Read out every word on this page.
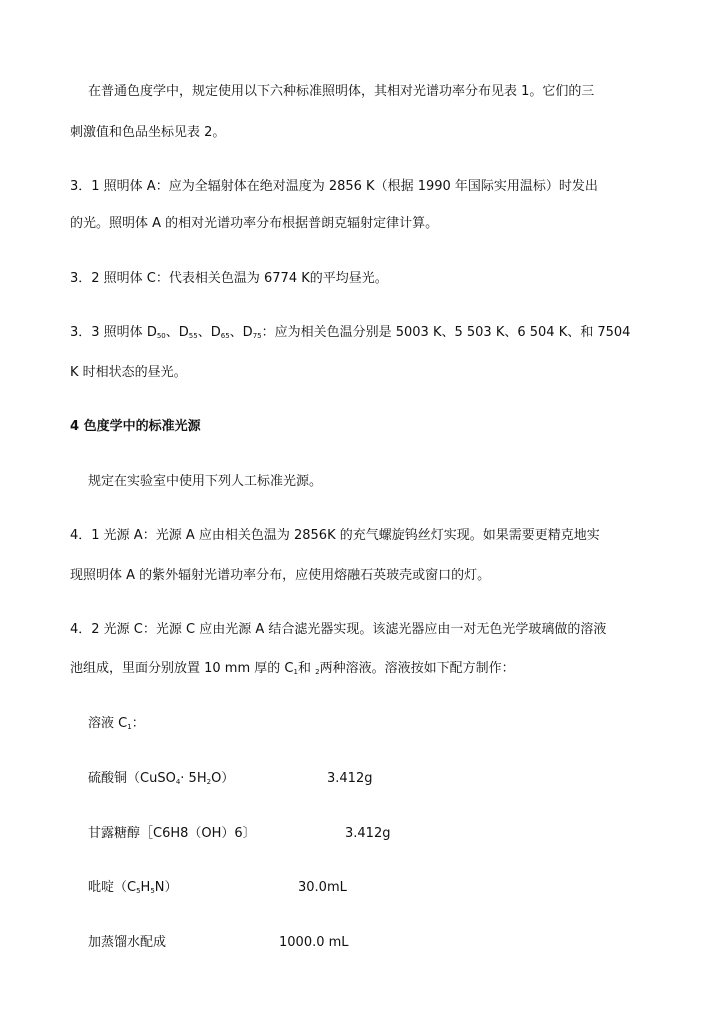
在普通色度学中，规定使用以下六种标准照明体，其相对光谱功率分布见表 1。它们的三
刺激值和色品坐标见表 2。
3．1 照明体 A：应为全辐射体在绝对温度为 2856 K（根据 1990 年国际实用温标）时发出
的光。照明体 A 的相对光谱功率分布根据普朗克辐射定律计算。
3．2 照明体 C：代表相关色温为 6774 K的平均昼光。
3．3 照明体 $D_{50}$、$D_{55}$、$D_{65}$、$D_{75}$：应为相关色温分别是 5003 K、5 503 K、6 504 K、和 7504
K 时相状态的昼光。
4 色度学中的标准光源
规定在实验室中使用下列人工标准光源。
4．1 光源 A：光源 A 应由相关色温为 2856K 的充气螺旋钨丝灯实现。如果需要更精克地实
现照明体 A 的紫外辐射光谱功率分布，应使用熔融石英玻壳或窗口的灯。
4．2 光源 C：光源 C 应由光源 A 结合滤光器实现。该滤光器应由一对无色光学玻璃做的溶液
池组成，里面分别放置 10 mm 厚的 $C_1$和 $_2$两种溶液。溶液按如下配方制作：
溶液 $C_1$：
硫酸铜（CuSO$_4$· $5H_2O$）	3.412g
甘露糖醇［C6H8（OH）6〕	3.412g
吡啶$(C_5H_5N)$	30.0mL
加蒸馏水配成	1000.0 mL
